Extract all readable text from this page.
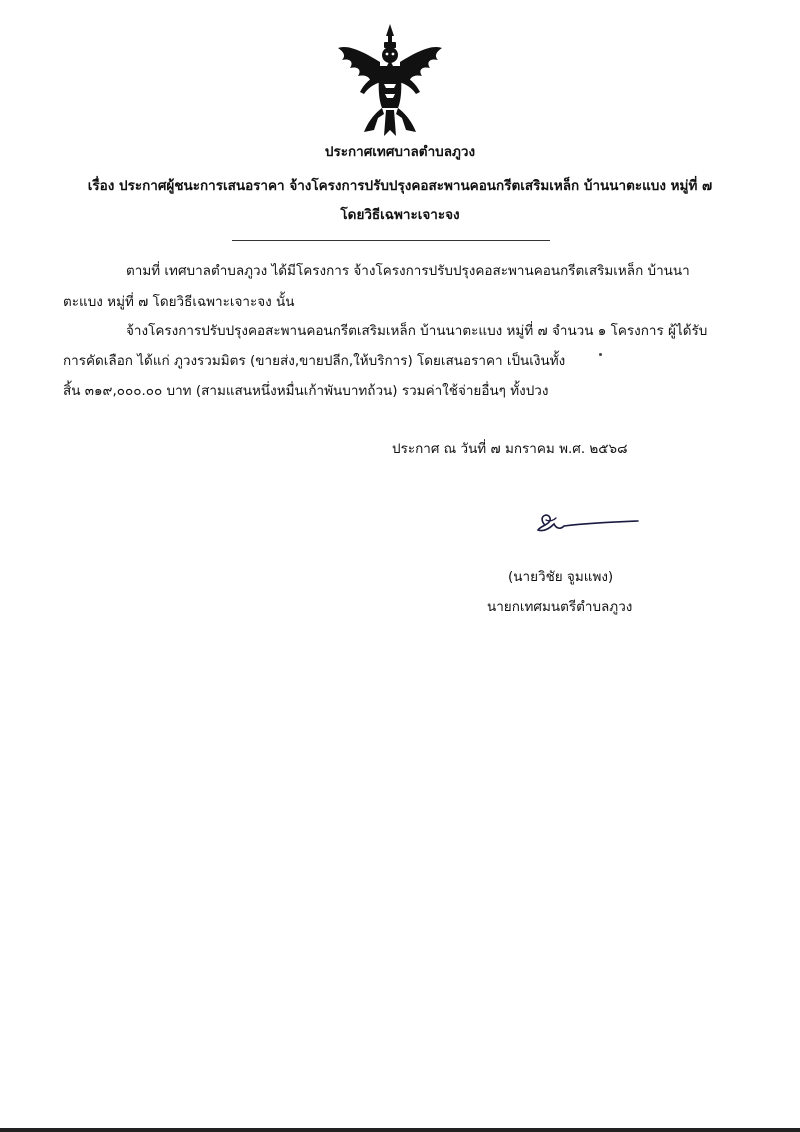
ประกาศเทศบาลตำบลภูวง
เรื่อง ประกาศผู้ชนะการเสนอราคา จ้างโครงการปรับปรุงคอสะพานคอนกรีตเสริมเหล็ก บ้านนาตะแบง หมู่ที่ ๗
โดยวิธีเฉพาะเจาะจง
ตามที่ เทศบาลตำบลภูวง ได้มีโครงการ จ้างโครงการปรับปรุงคอสะพานคอนกรีตเสริมเหล็ก บ้านนา
ตะแบง หมู่ที่ ๗ โดยวิธีเฉพาะเจาะจง นั้น
จ้างโครงการปรับปรุงคอสะพานคอนกรีตเสริมเหล็ก บ้านนาตะแบง หมู่ที่ ๗ จำนวน ๑ โครงการ ผู้ได้รับ
การคัดเลือก ได้แก่ ภูวงรวมมิตร (ขายส่ง,ขายปลีก,ให้บริการ) โดยเสนอราคา เป็นเงินทั้ง
สิ้น ๓๑๙,๐๐๐.๐๐ บาท (สามแสนหนึ่งหมื่นเก้าพันบาทถ้วน) รวมค่าใช้จ่ายอื่นๆ ทั้งปวง
ประกาศ ณ วันที่ ๗ มกราคม พ.ศ. ๒๕๖๘
(นายวิชัย จูมแพง)
นายกเทศมนตรีตำบลภูวง
